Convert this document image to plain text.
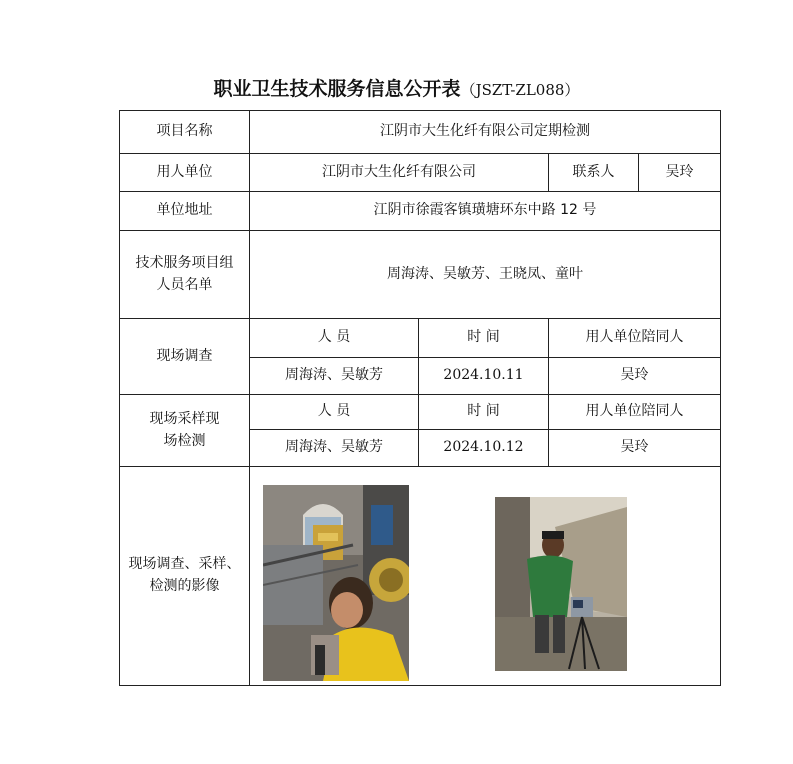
职业卫生技术服务信息公开表（JSZT-ZL088）
项目名称	江阴市大生化纤有限公司定期检测			
用人单位	江阴市大生化纤有限公司		联系人	吴玲
单位地址	江阴市徐霞客镇璜塘环东中路 12 号			
技术服务项目组人员名单	周海涛、吴敏芳、王晓凤、童叶			
现场调查	人 员	时 间	用人单位陪同人	
	周海涛、吴敏芳	2024.10.11	吴玲	
现场采样现场检测	人 员	时 间	用人单位陪同人	
	周海涛、吴敏芳	2024.10.12	吴玲	
现场调查、采样、检测的影像	
